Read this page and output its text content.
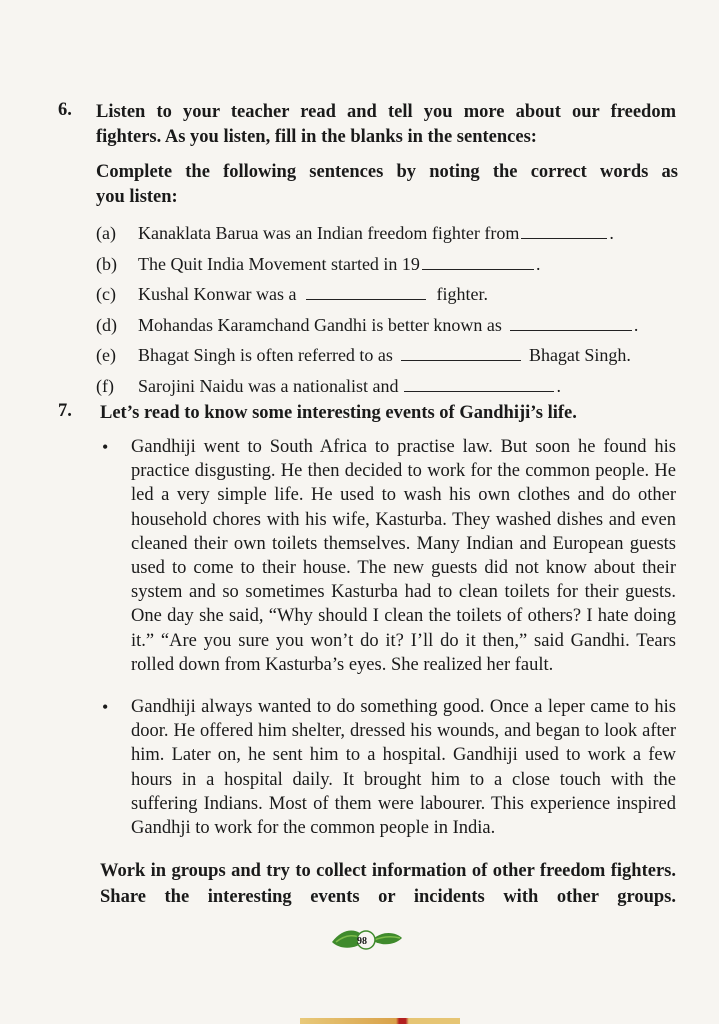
6. Listen to your teacher read and tell you more about our freedom
fighters. As you listen, fill in the blanks in the sentences:
Complete the following sentences by noting the correct words as
you listen:
(a)	Kanaklata Barua was an Indian freedom fighter from	.
(b)	The Quit India Movement started in 19	.
(c)	Kushal Konwar was a	fighter.
(d)	Mohandas Karamchand Gandhi is better known as	.
(e)	Bhagat Singh is often referred to as	Bhagat Singh.
(f)	Sarojini Naidu was a nationalist and	.
7. Let’s read to know some interesting events of Gandhiji’s life.
• Gandhiji went to South Africa to practise law. But soon he found his practice disgusting. He then decided to work for the common people. He led a very simple life. He used to wash his own clothes and do other household chores with his wife, Kasturba. They washed dishes and even cleaned their own toilets themselves. Many Indian and European guests used to come to their house. The new guests did not know about their system and so sometimes Kasturba had to clean toilets for their guests. One day she said, “Why should I clean the toilets of others? I hate doing it.” “Are you sure you won’t do it? I’ll do it then,” said Gandhi. Tears rolled down from Kasturba’s eyes. She realized her fault.
• Gandhiji always wanted to do something good. Once a leper came to his door. He offered him shelter, dressed his wounds, and began to look after him. Later on, he sent him to a hospital. Gandhiji used to work a few hours in a hospital daily. It brought him to a close touch with the suffering Indians. Most of them were labourer. This experience inspired Gandhji to work for the common people in India.
Work in groups and try to collect information of other freedom fighters. Share the interesting events or incidents with other groups.
98
